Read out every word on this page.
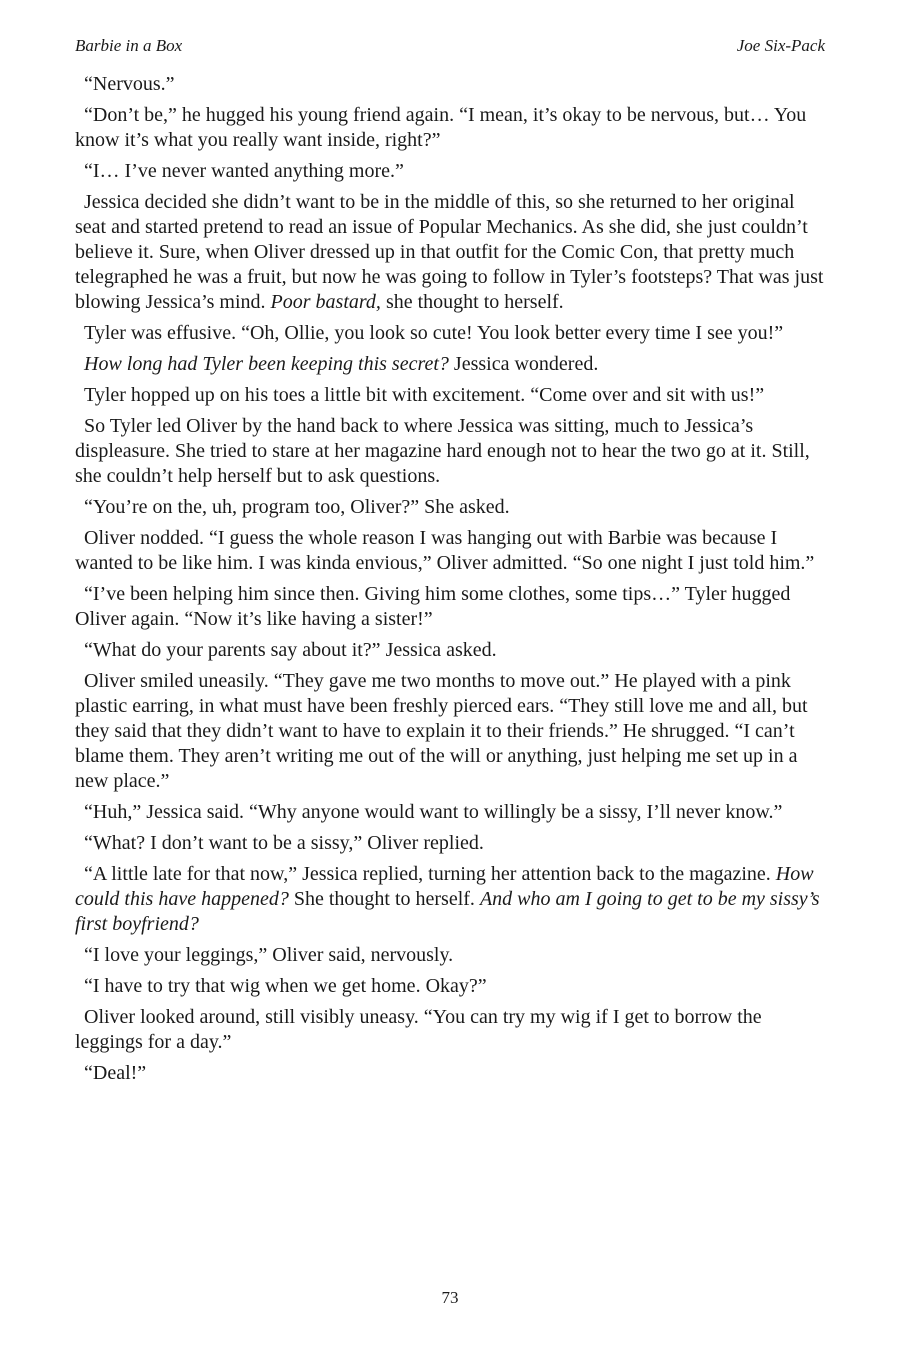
Barbie in a Box	Joe Six-Pack

“Nervous.”

“Don’t be,” he hugged his young friend again. “I mean, it’s okay to be nervous, but… You know it’s what you really want inside, right?”

“I… I’ve never wanted anything more.”

Jessica decided she didn’t want to be in the middle of this, so she returned to her original seat and started pretend to read an issue of Popular Mechanics. As she did, she just couldn’t believe it. Sure, when Oliver dressed up in that outfit for the Comic Con, that pretty much telegraphed he was a fruit, but now he was going to follow in Tyler’s footsteps? That was just blowing Jessica’s mind. Poor bastard, she thought to herself.

Tyler was effusive. “Oh, Ollie, you look so cute! You look better every time I see you!”

How long had Tyler been keeping this secret? Jessica wondered.

Tyler hopped up on his toes a little bit with excitement. “Come over and sit with us!”

So Tyler led Oliver by the hand back to where Jessica was sitting, much to Jessica’s displeasure. She tried to stare at her magazine hard enough not to hear the two go at it. Still, she couldn’t help herself but to ask questions.

“You’re on the, uh, program too, Oliver?” She asked.

Oliver nodded. “I guess the whole reason I was hanging out with Barbie was because I wanted to be like him. I was kinda envious,” Oliver admitted. “So one night I just told him.”

“I’ve been helping him since then. Giving him some clothes, some tips…” Tyler hugged Oliver again. “Now it’s like having a sister!”

“What do your parents say about it?” Jessica asked.

Oliver smiled uneasily. “They gave me two months to move out.” He played with a pink plastic earring, in what must have been freshly pierced ears. “They still love me and all, but they said that they didn’t want to have to explain it to their friends.” He shrugged. “I can’t blame them. They aren’t writing me out of the will or anything, just helping me set up in a new place.”

“Huh,” Jessica said. “Why anyone would want to willingly be a sissy, I’ll never know.”

“What? I don’t want to be a sissy,” Oliver replied.

“A little late for that now,” Jessica replied, turning her attention back to the magazine. How could this have happened? She thought to herself. And who am I going to get to be my sissy’s first boyfriend?

“I love your leggings,” Oliver said, nervously.

“I have to try that wig when we get home. Okay?”

Oliver looked around, still visibly uneasy. “You can try my wig if I get to borrow the leggings for a day.”

“Deal!”

73
